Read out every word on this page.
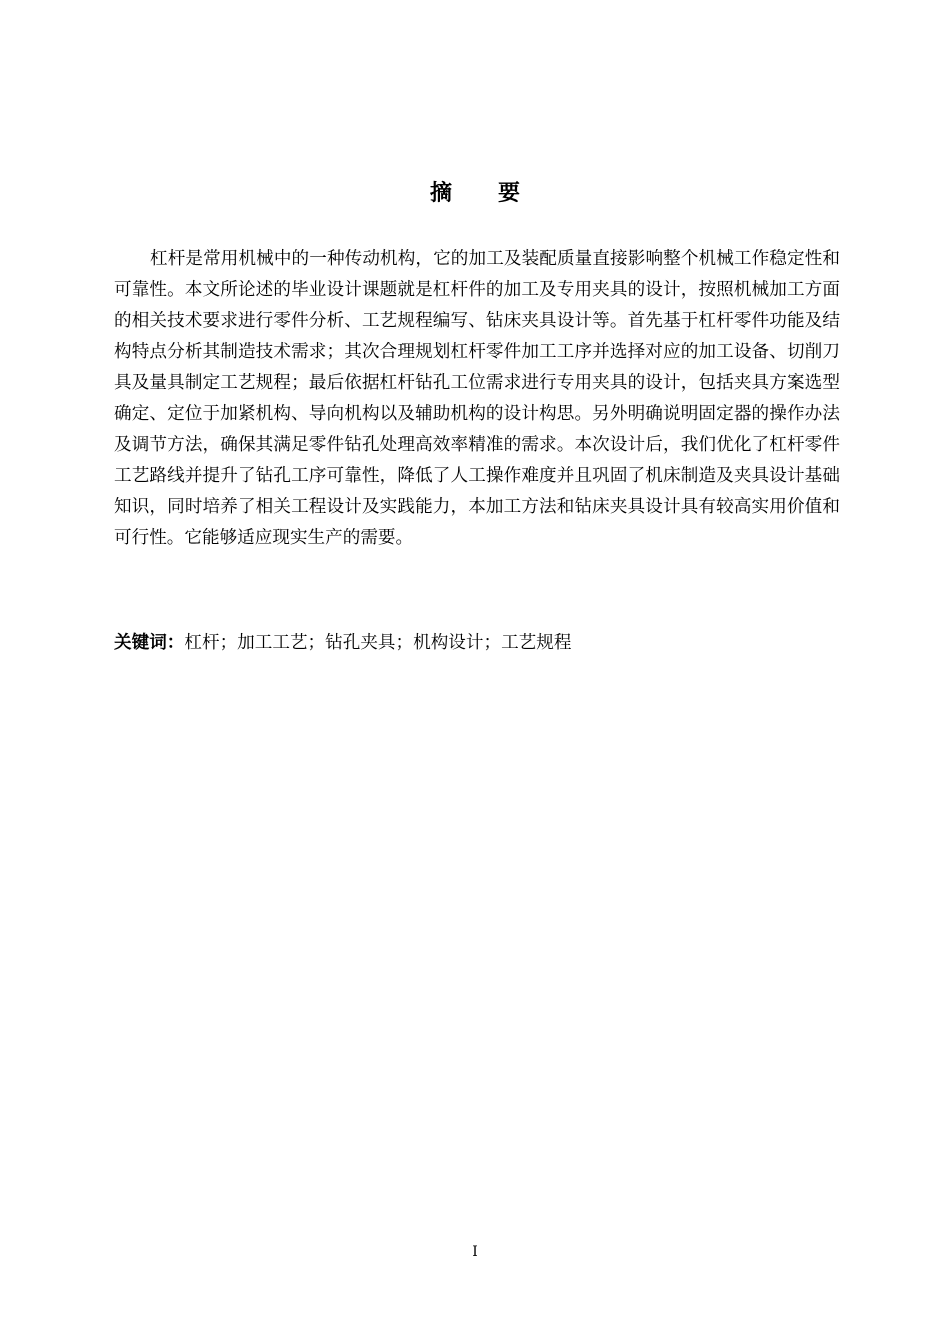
摘要

杠杆是常用机械中的一种传动机构，它的加工及装配质量直接影响整个机械工作稳定性和可靠性。本文所论述的毕业设计课题就是杠杆件的加工及专用夹具的设计，按照机械加工方面的相关技术要求进行零件分析、工艺规程编写、钻床夹具设计等。首先基于杠杆零件功能及结构特点分析其制造技术需求；其次合理规划杠杆零件加工工序并选择对应的加工设备、切削刀具及量具制定工艺规程；最后依据杠杆钻孔工位需求进行专用夹具的设计，包括夹具方案选型确定、定位于加紧机构、导向机构以及辅助机构的设计构思。另外明确说明固定器的操作办法及调节方法，确保其满足零件钻孔处理高效率精准的需求。本次设计后，我们优化了杠杆零件工艺路线并提升了钻孔工序可靠性，降低了人工操作难度并且巩固了机床制造及夹具设计基础知识，同时培养了相关工程设计及实践能力，本加工方法和钻床夹具设计具有较高实用价值和可行性。它能够适应现实生产的需要。

关键词：杠杆；加工工艺；钻孔夹具；机构设计；工艺规程

I
